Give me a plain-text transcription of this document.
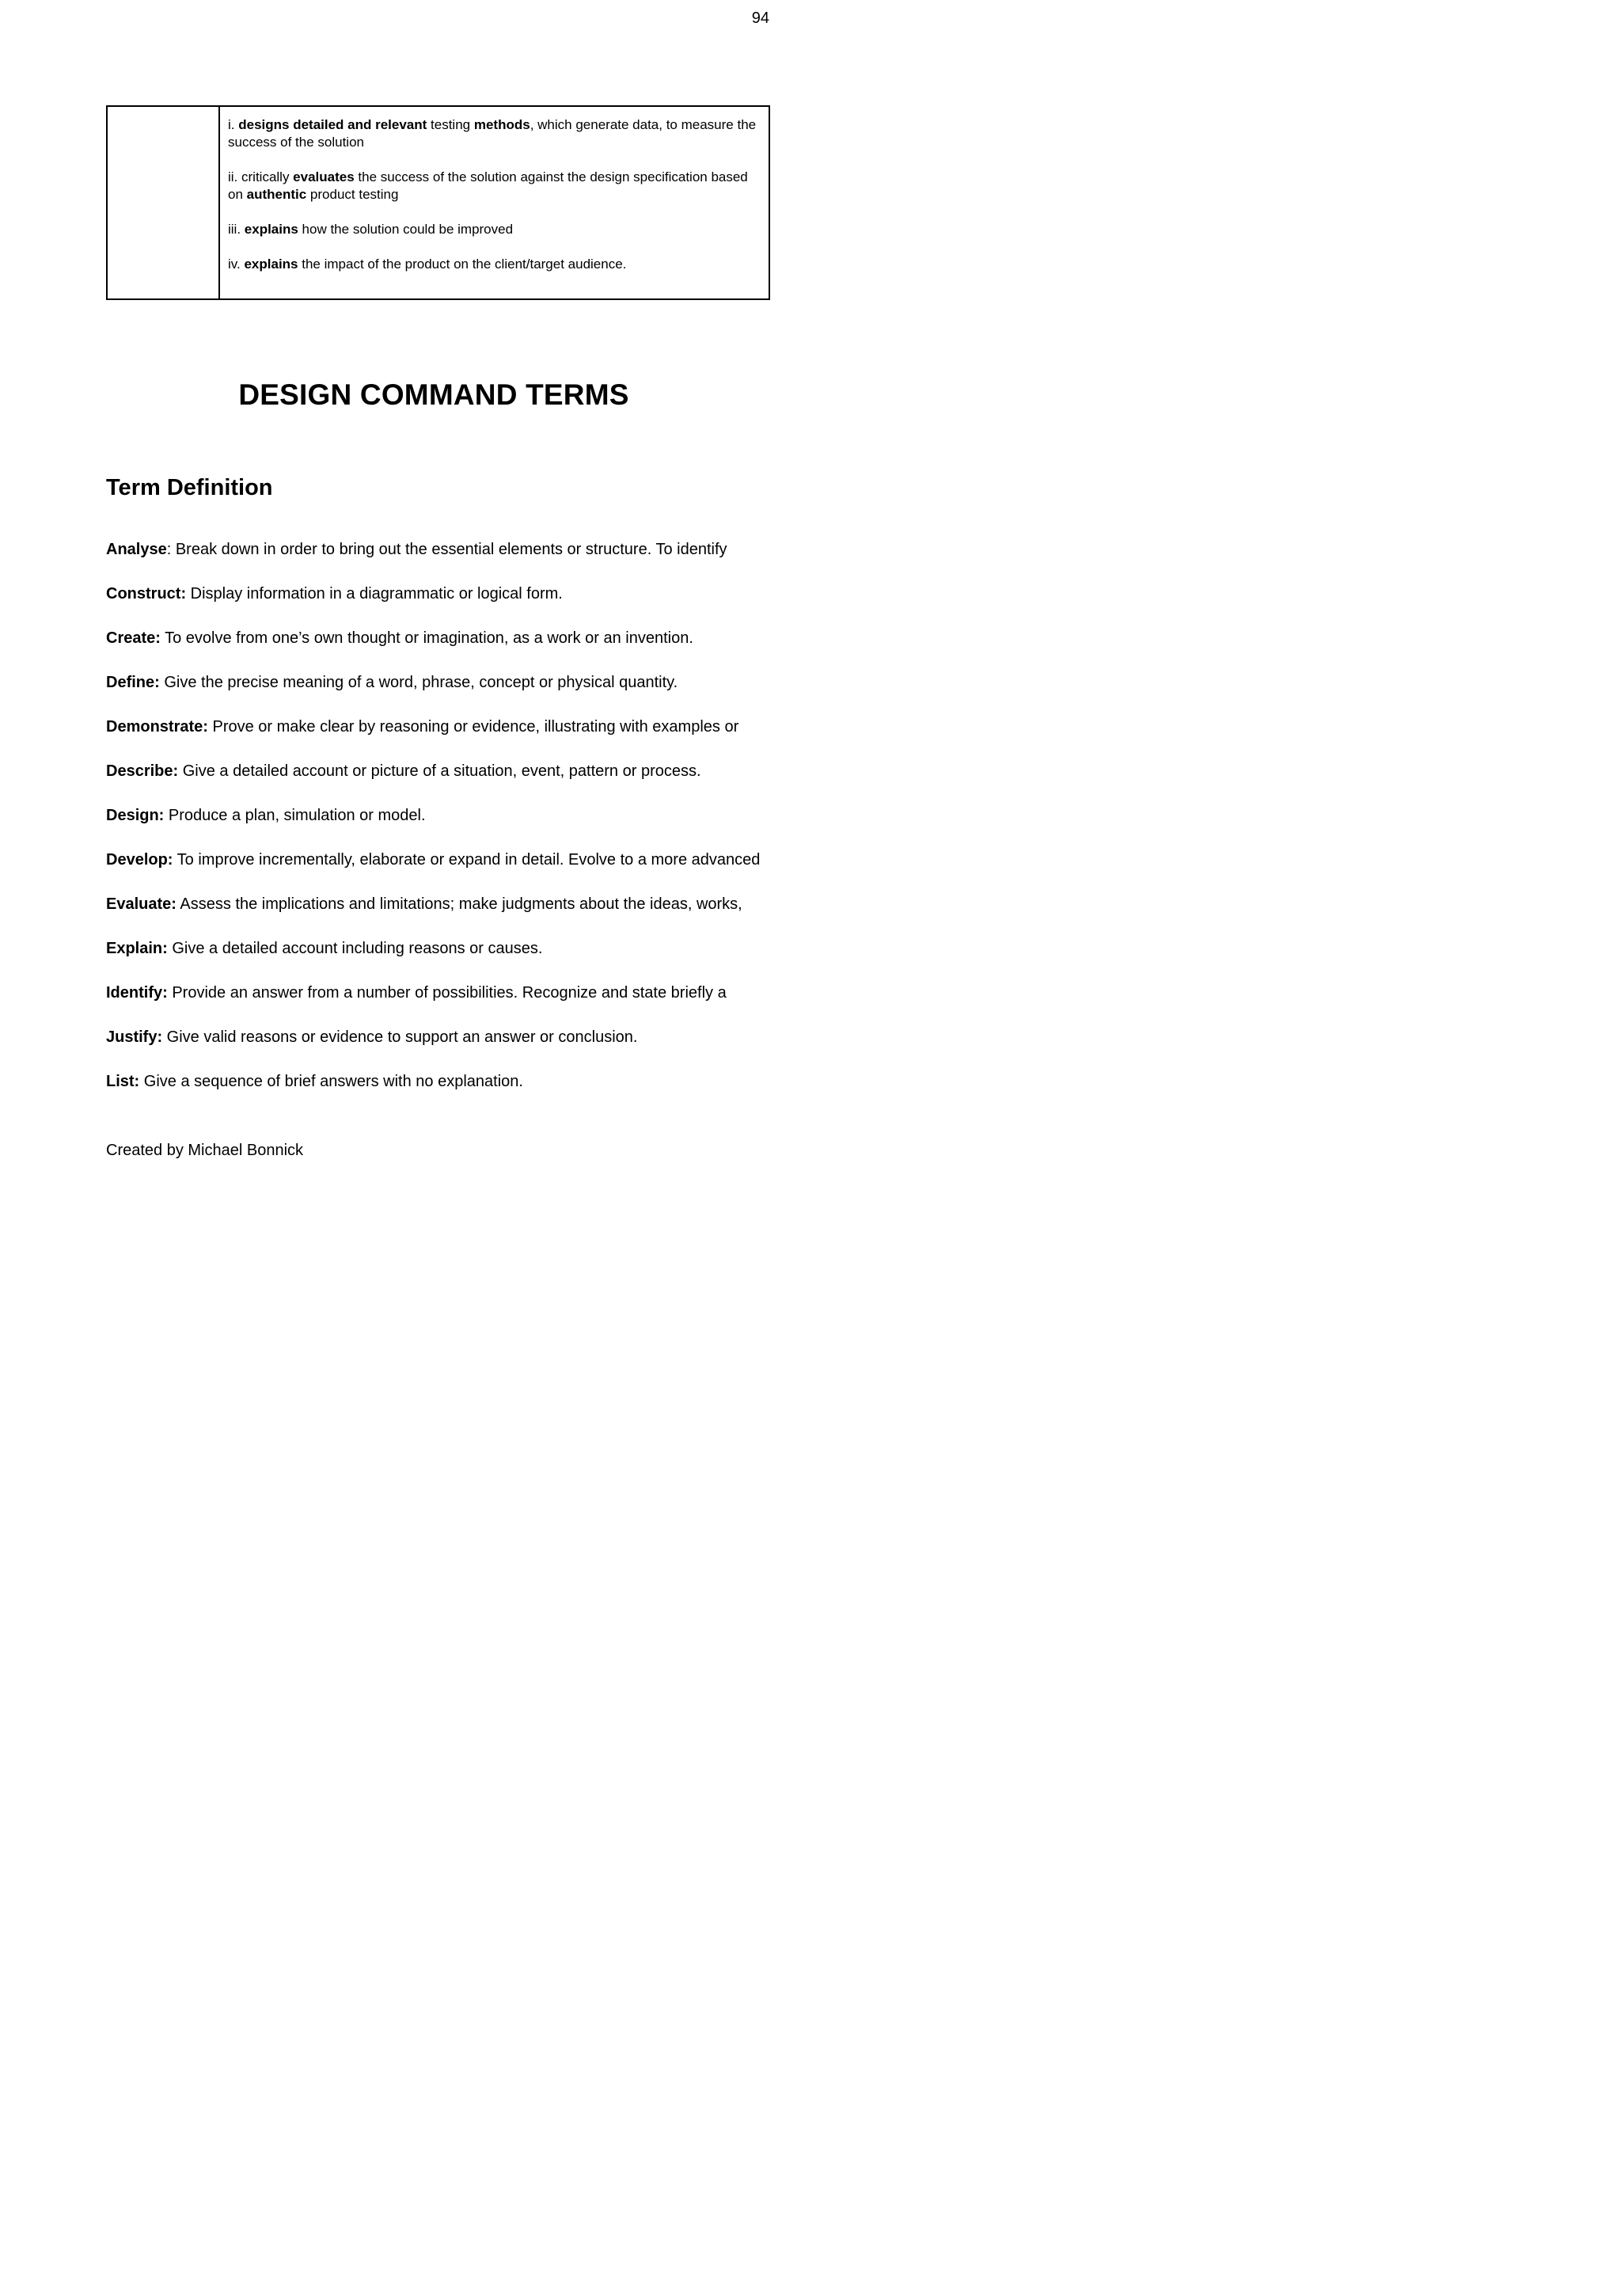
94

i. designs detailed and relevant testing methods, which generate data, to measure the success of the solution

ii. critically evaluates the success of the solution against the design specification based on authentic product testing

iii. explains how the solution could be improved

iv. explains the impact of the product on the client/target audience.

DESIGN COMMAND TERMS
Term Definition
Analyse: Break down in order to bring out the essential elements or structure. To identify
Construct: Display information in a diagrammatic or logical form.
Create: To evolve from one’s own thought or imagination, as a work or an invention.
Define: Give the precise meaning of a word, phrase, concept or physical quantity.
Demonstrate: Prove or make clear by reasoning or evidence, illustrating with examples or
Describe: Give a detailed account or picture of a situation, event, pattern or process.
Design: Produce a plan, simulation or model.
Develop: To improve incrementally, elaborate or expand in detail. Evolve to a more advanced
Evaluate: Assess the implications and limitations; make judgments about the ideas, works,
Explain: Give a detailed account including reasons or causes.
Identify: Provide an answer from a number of possibilities. Recognize and state briefly a
Justify: Give valid reasons or evidence to support an answer or conclusion.
List: Give a sequence of brief answers with no explanation.
Created by Michael Bonnick
